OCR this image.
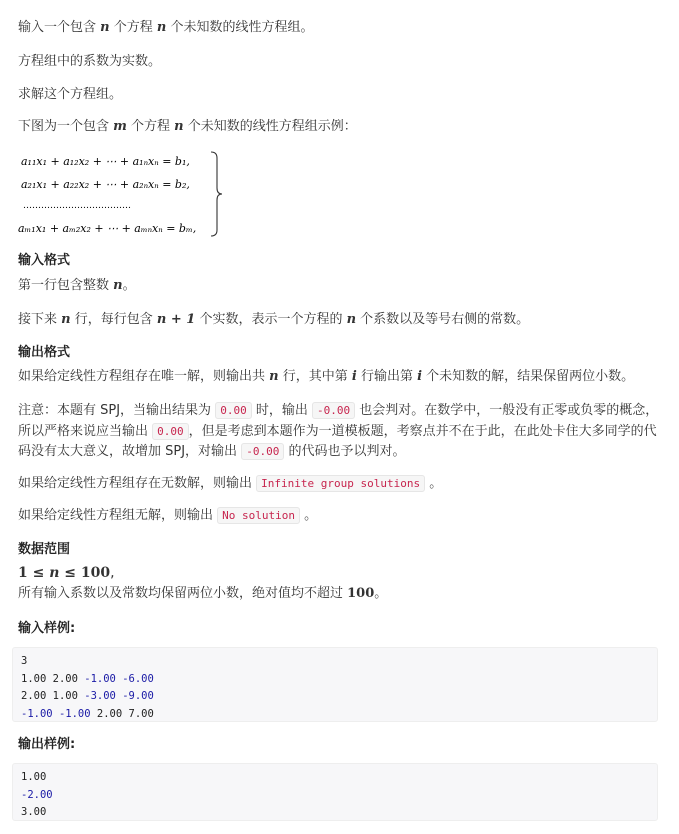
输入一个包含 n 个方程 n 个未知数的线性方程组。
方程组中的系数为实数。
求解这个方程组。
下图为一个包含 m 个方程 n 个未知数的线性方程组示例：
a₁₁x₁ + a₁₂x₂ + ⋯ + a₁ₙxₙ = b₁,
a₂₁x₁ + a₂₂x₂ + ⋯ + a₂ₙxₙ = b₂,
………………………………
aₘ₁x₁ + aₘ₂x₂ + ⋯ + aₘₙxₙ = bₘ,
输入格式
第一行包含整数 n。
接下来 n 行，每行包含 n + 1 个实数，表示一个方程的 n 个系数以及等号右侧的常数。
输出格式
如果给定线性方程组存在唯一解，则输出共 n 行，其中第 i 行输出第 i 个未知数的解，结果保留两位小数。
注意：本题有 SPJ，当输出结果为 0.00 时，输出 -0.00 也会判对。在数学中，一般没有正零或负零的概念，
所以严格来说应当输出 0.00 ，但是考虑到本题作为一道模板题，考察点并不在于此，在此处卡住大多同学的代
码没有太大意义，故增加 SPJ，对输出 -0.00 的代码也予以判对。
如果给定线性方程组存在无数解，则输出 Infinite group solutions 。
如果给定线性方程组无解，则输出 No solution 。
数据范围
1 ≤ n ≤ 100,
所有输入系数以及常数均保留两位小数，绝对值均不超过 100。
输入样例:
3
1.00 2.00 -1.00 -6.00
2.00 1.00 -3.00 -9.00
-1.00 -1.00 2.00 7.00
输出样例:
1.00
-2.00
3.00
